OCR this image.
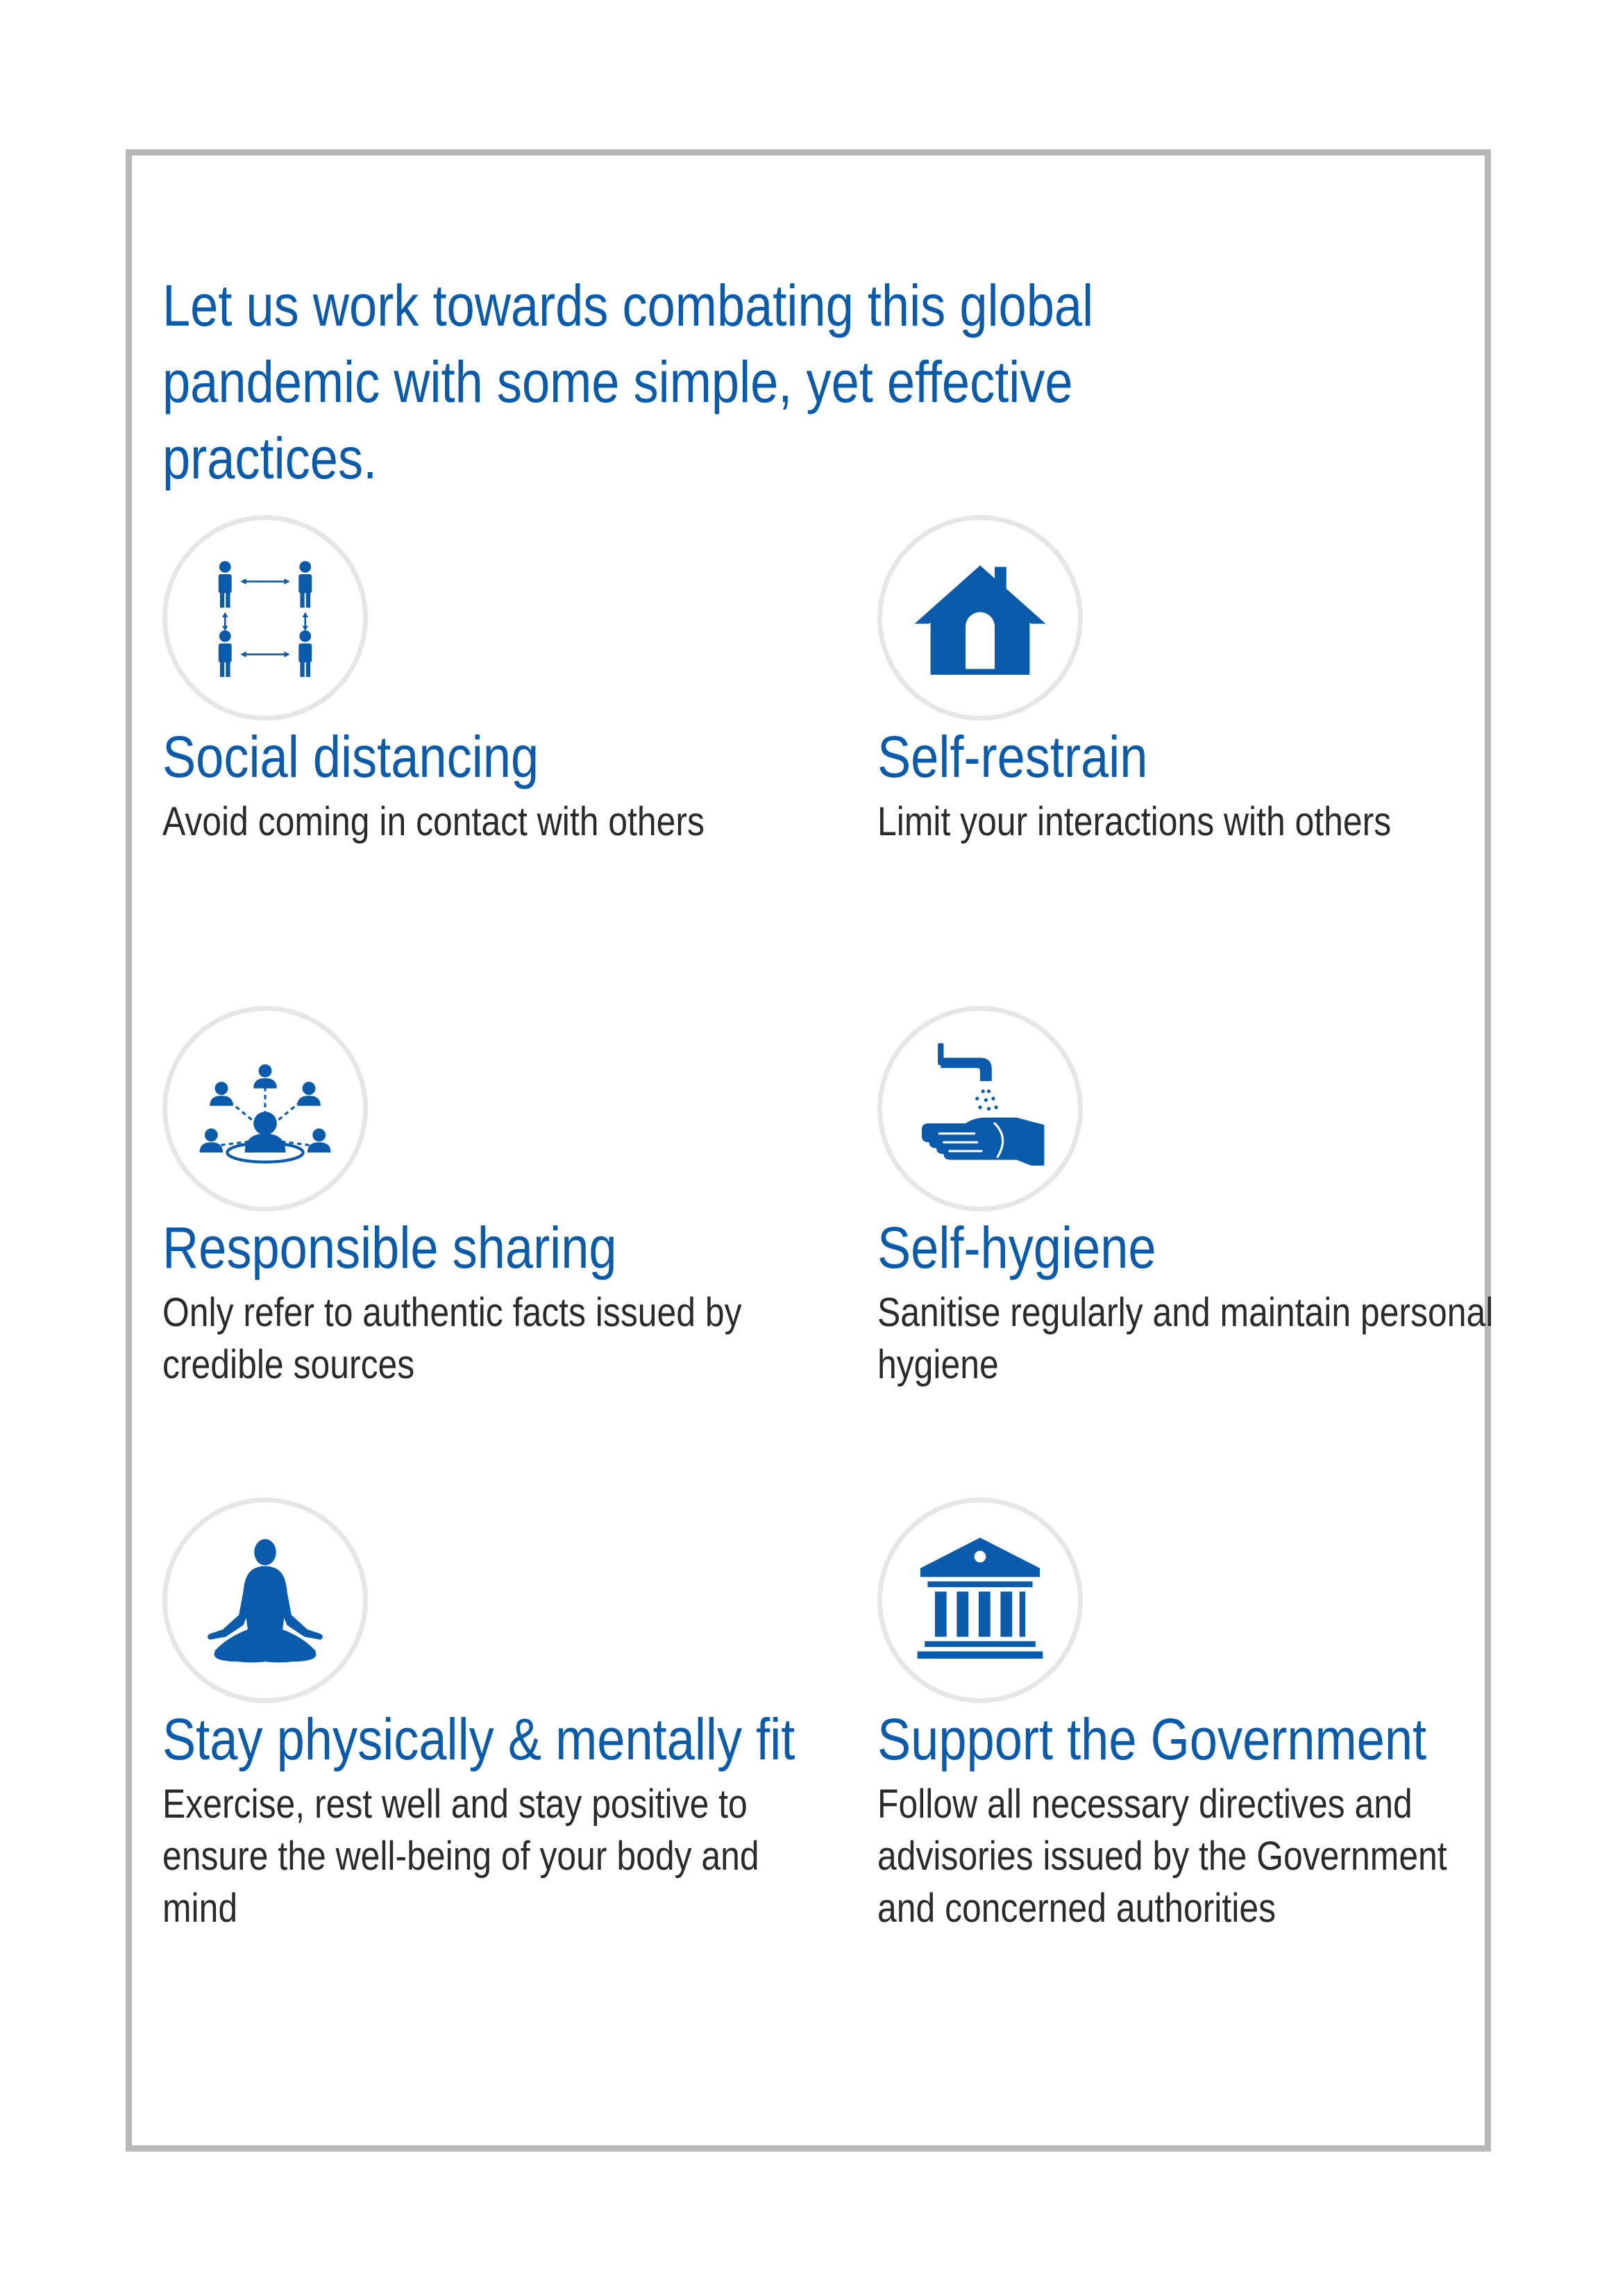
Let us work towards combating this global pandemic with some simple, yet effective practices.
Social distancing

Avoid coming in contact with others

Self-restrain

Limit your interactions with others

Responsible sharing

Only refer to authentic facts issued by credible sources

Self-hygiene

Sanitise regularly and maintain personal hygiene

Stay physically & mentally fit

Exercise, rest well and stay positive to ensure the well-being of your body and mind

Support the Government

Follow all necessary directives and advisories issued by the Government and concerned authorities
